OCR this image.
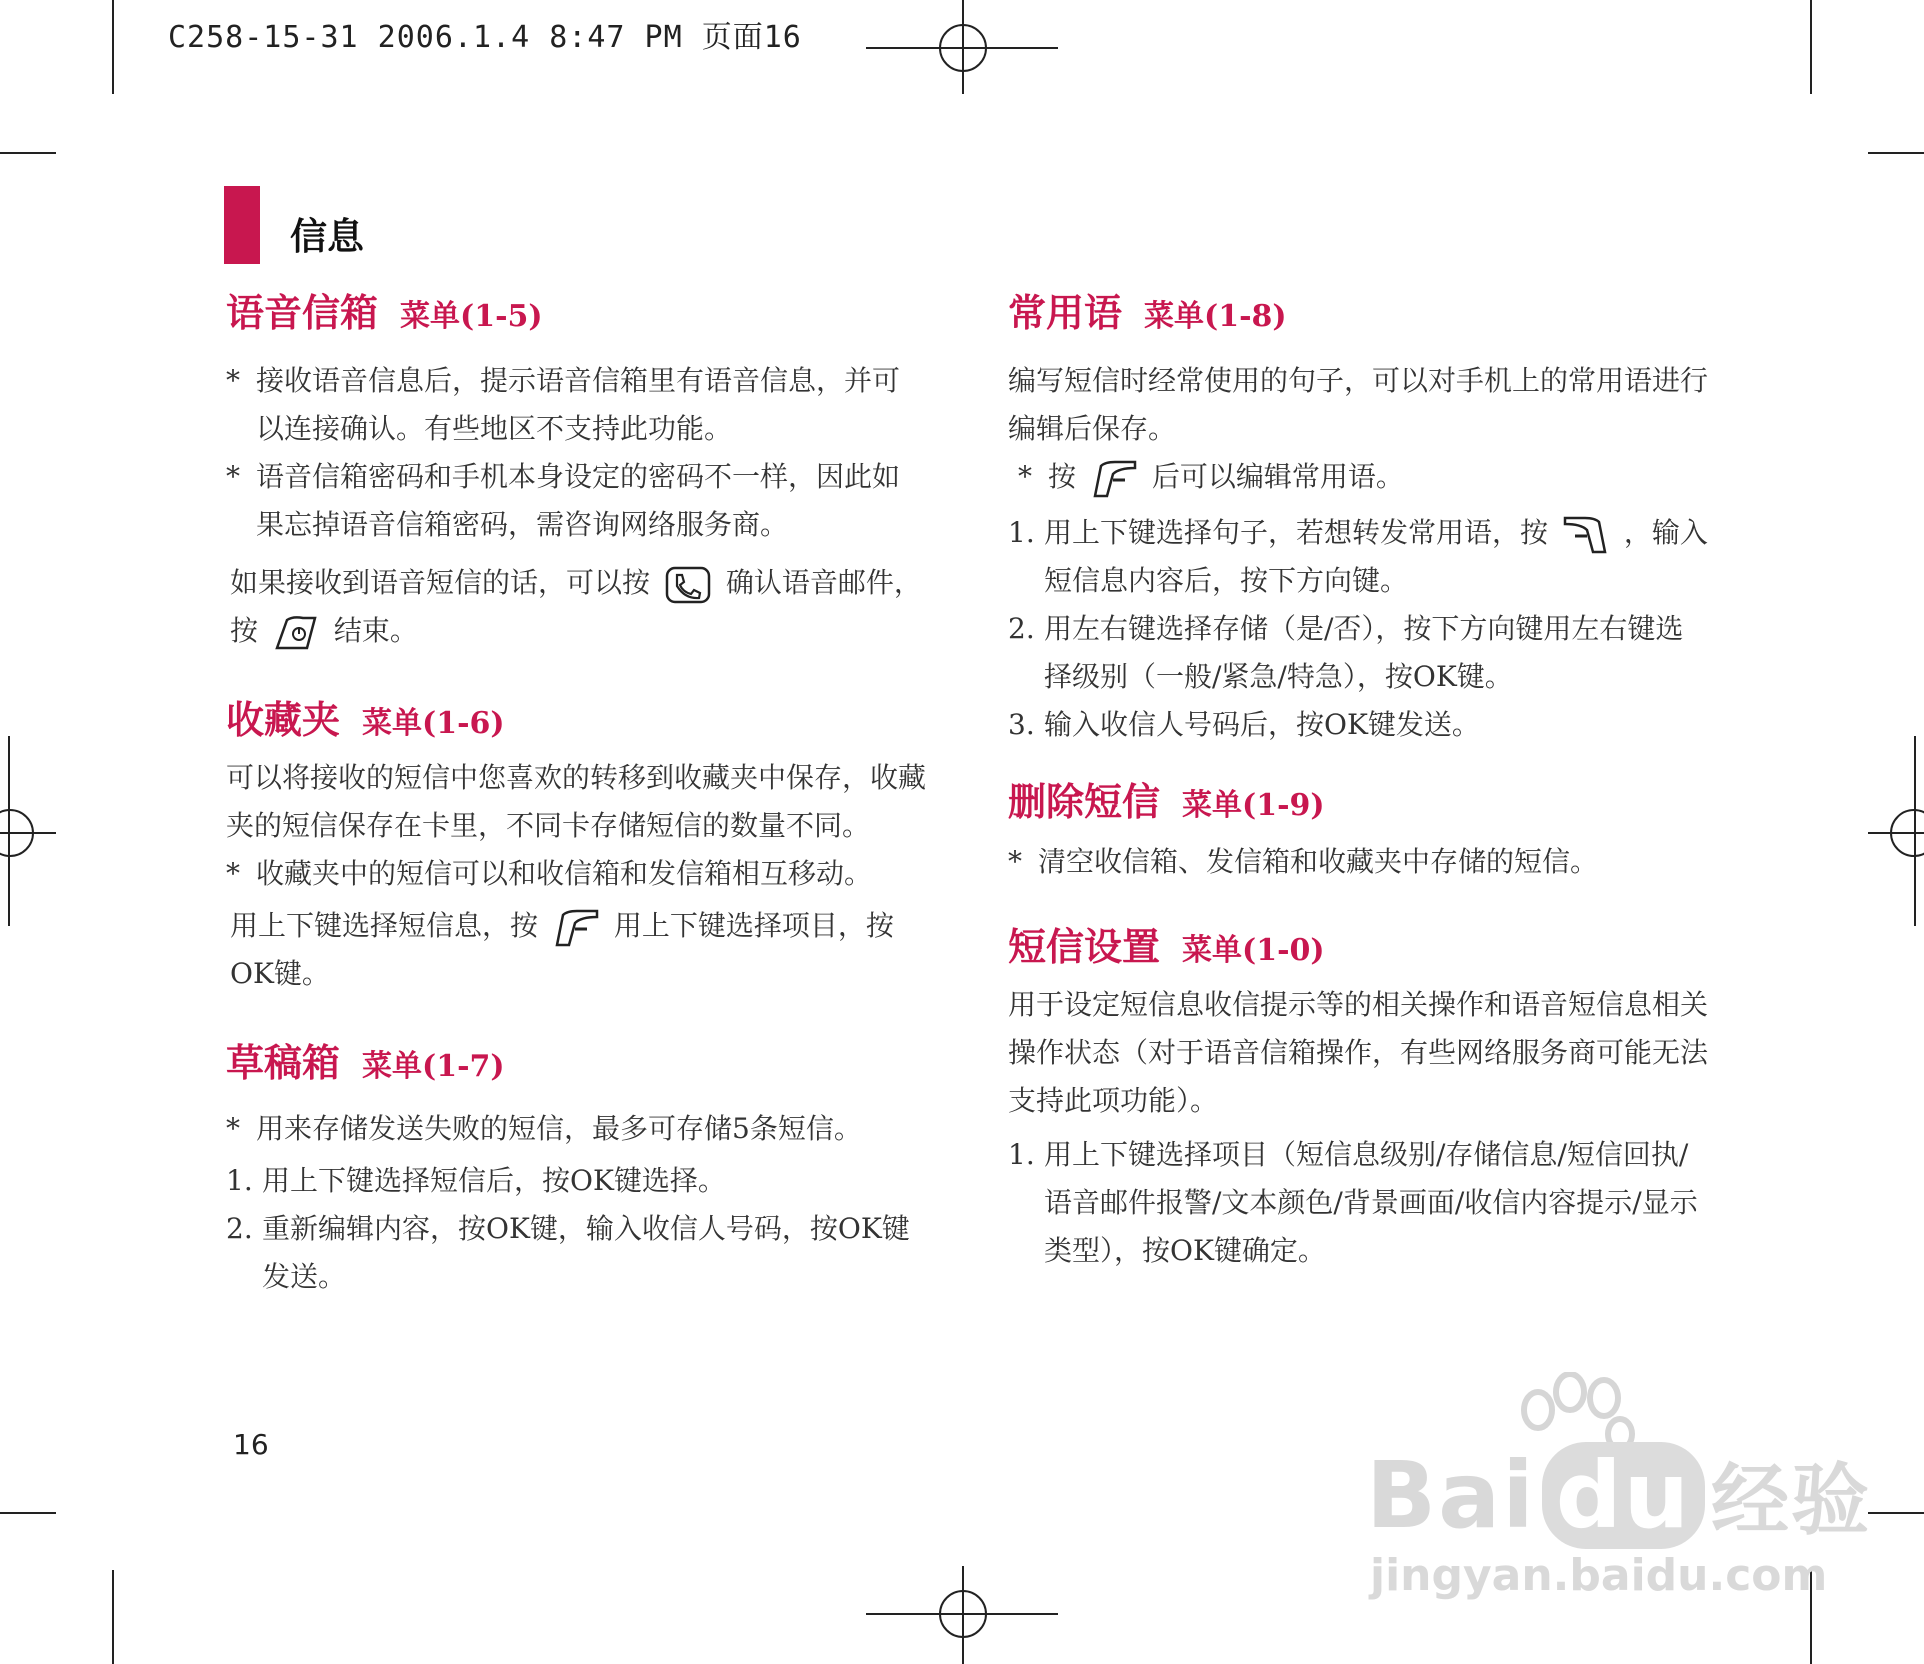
C258-15-31 2006.1.4 8:47 PM 页面16
信息
语音信箱 菜单(1-5)
* 接收语音信息后，提示语音信箱里有语音信息，并可以连接确认。有些地区不支持此功能。
* 语音信箱密码和手机本身设定的密码不一样，因此如果忘掉语音信箱密码，需咨询网络服务商。
如果接收到语音短信的话，可以按	确认语音邮件，按	结束。
收藏夹 菜单(1-6)
可以将接收的短信中您喜欢的转移到收藏夹中保存，收藏夹的短信保存在卡里，不同卡存储短信的数量不同。
* 收藏夹中的短信可以和收信箱和发信箱相互移动。
用上下键选择短信息，按	用上下键选择项目，按OK键。
草稿箱 菜单(1-7)
* 用来存储发送失败的短信，最多可存储5条短信。
1. 用上下键选择短信后，按OK键选择。
2. 重新编辑内容，按OK键，输入收信人号码，按OK键发送。
常用语 菜单(1-8)
编写短信时经常使用的句子，可以对手机上的常用语进行编辑后保存。
* 按	后可以编辑常用语。
1. 用上下键选择句子，若想转发常用语，按	，输入短信息内容后，按下方向键。
2. 用左右键选择存储（是/否），按下方向键用左右键选择级别（一般/紧急/特急），按OK键。
3. 输入收信人号码后，按OK键发送。
删除短信 菜单(1-9)
* 清空收信箱、发信箱和收藏夹中存储的短信。
短信设置 菜单(1-0)
用于设定短信息收信提示等的相关操作和语音短信息相关操作状态（对于语音信箱操作，有些网络服务商可能无法支持此项功能）。
1. 用上下键选择项目（短信息级别/存储信息/短信回执/语音邮件报警/文本颜色/背景画面/收信内容提示/显示类型），按OK键确定。
16	Bai du 经验
jingyan.baidu.com
